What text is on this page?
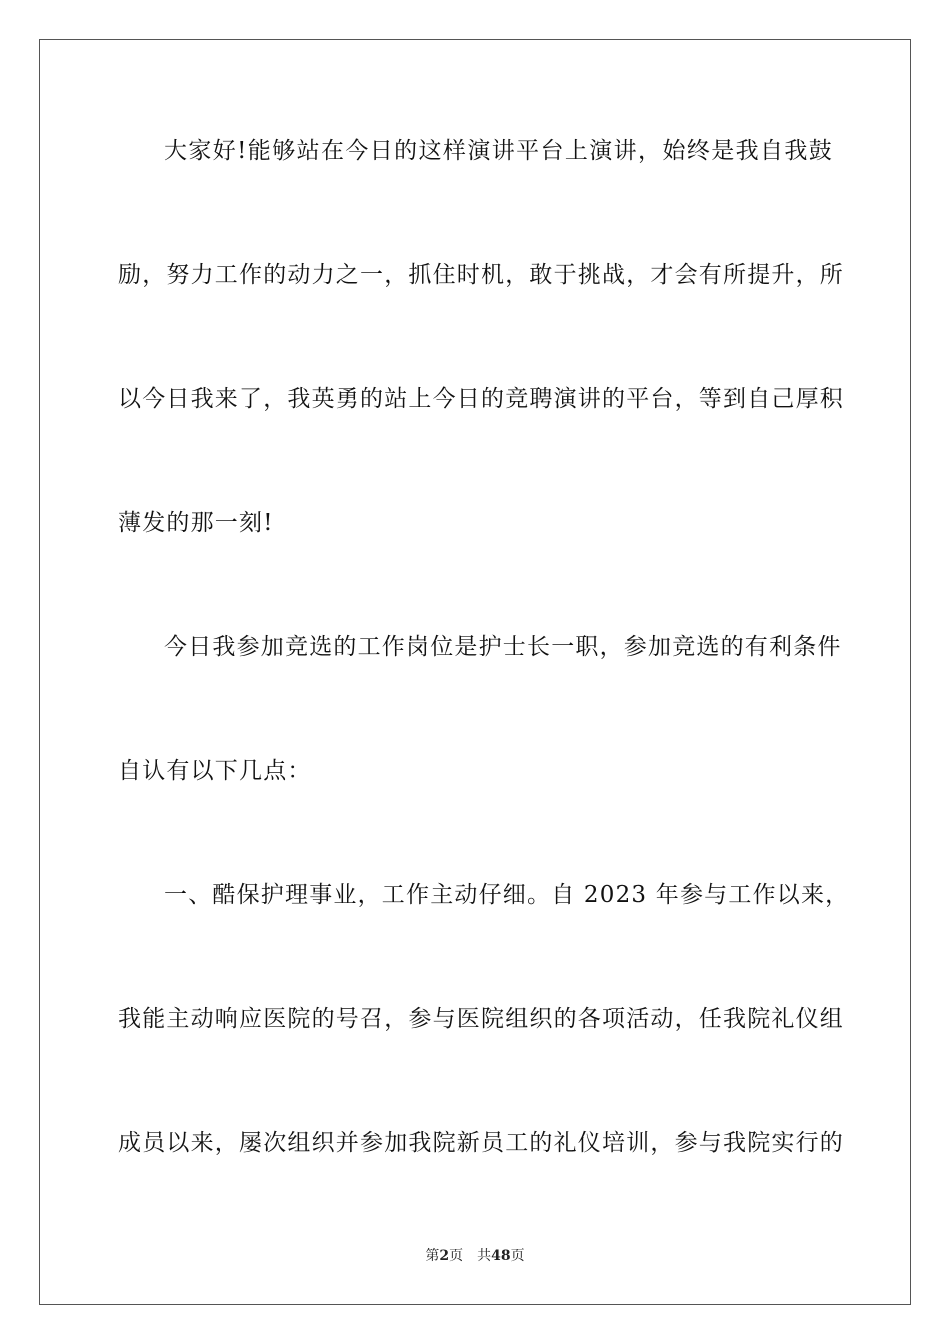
大家好!能够站在今日的这样演讲平台上演讲，始终是我自我鼓
励，努力工作的动力之一，抓住时机，敢于挑战，才会有所提升，所
以今日我来了，我英勇的站上今日的竞聘演讲的平台，等到自己厚积
薄发的那一刻!
今日我参加竞选的工作岗位是护士长一职，参加竞选的有利条件
自认有以下几点：
一、酷保护理事业，工作主动仔细。自 2023 年参与工作以来，
我能主动响应医院的号召，参与医院组织的各项活动，任我院礼仪组
成员以来，屡次组织并参加我院新员工的礼仪培训，参与我院实行的
第2页 共48页
